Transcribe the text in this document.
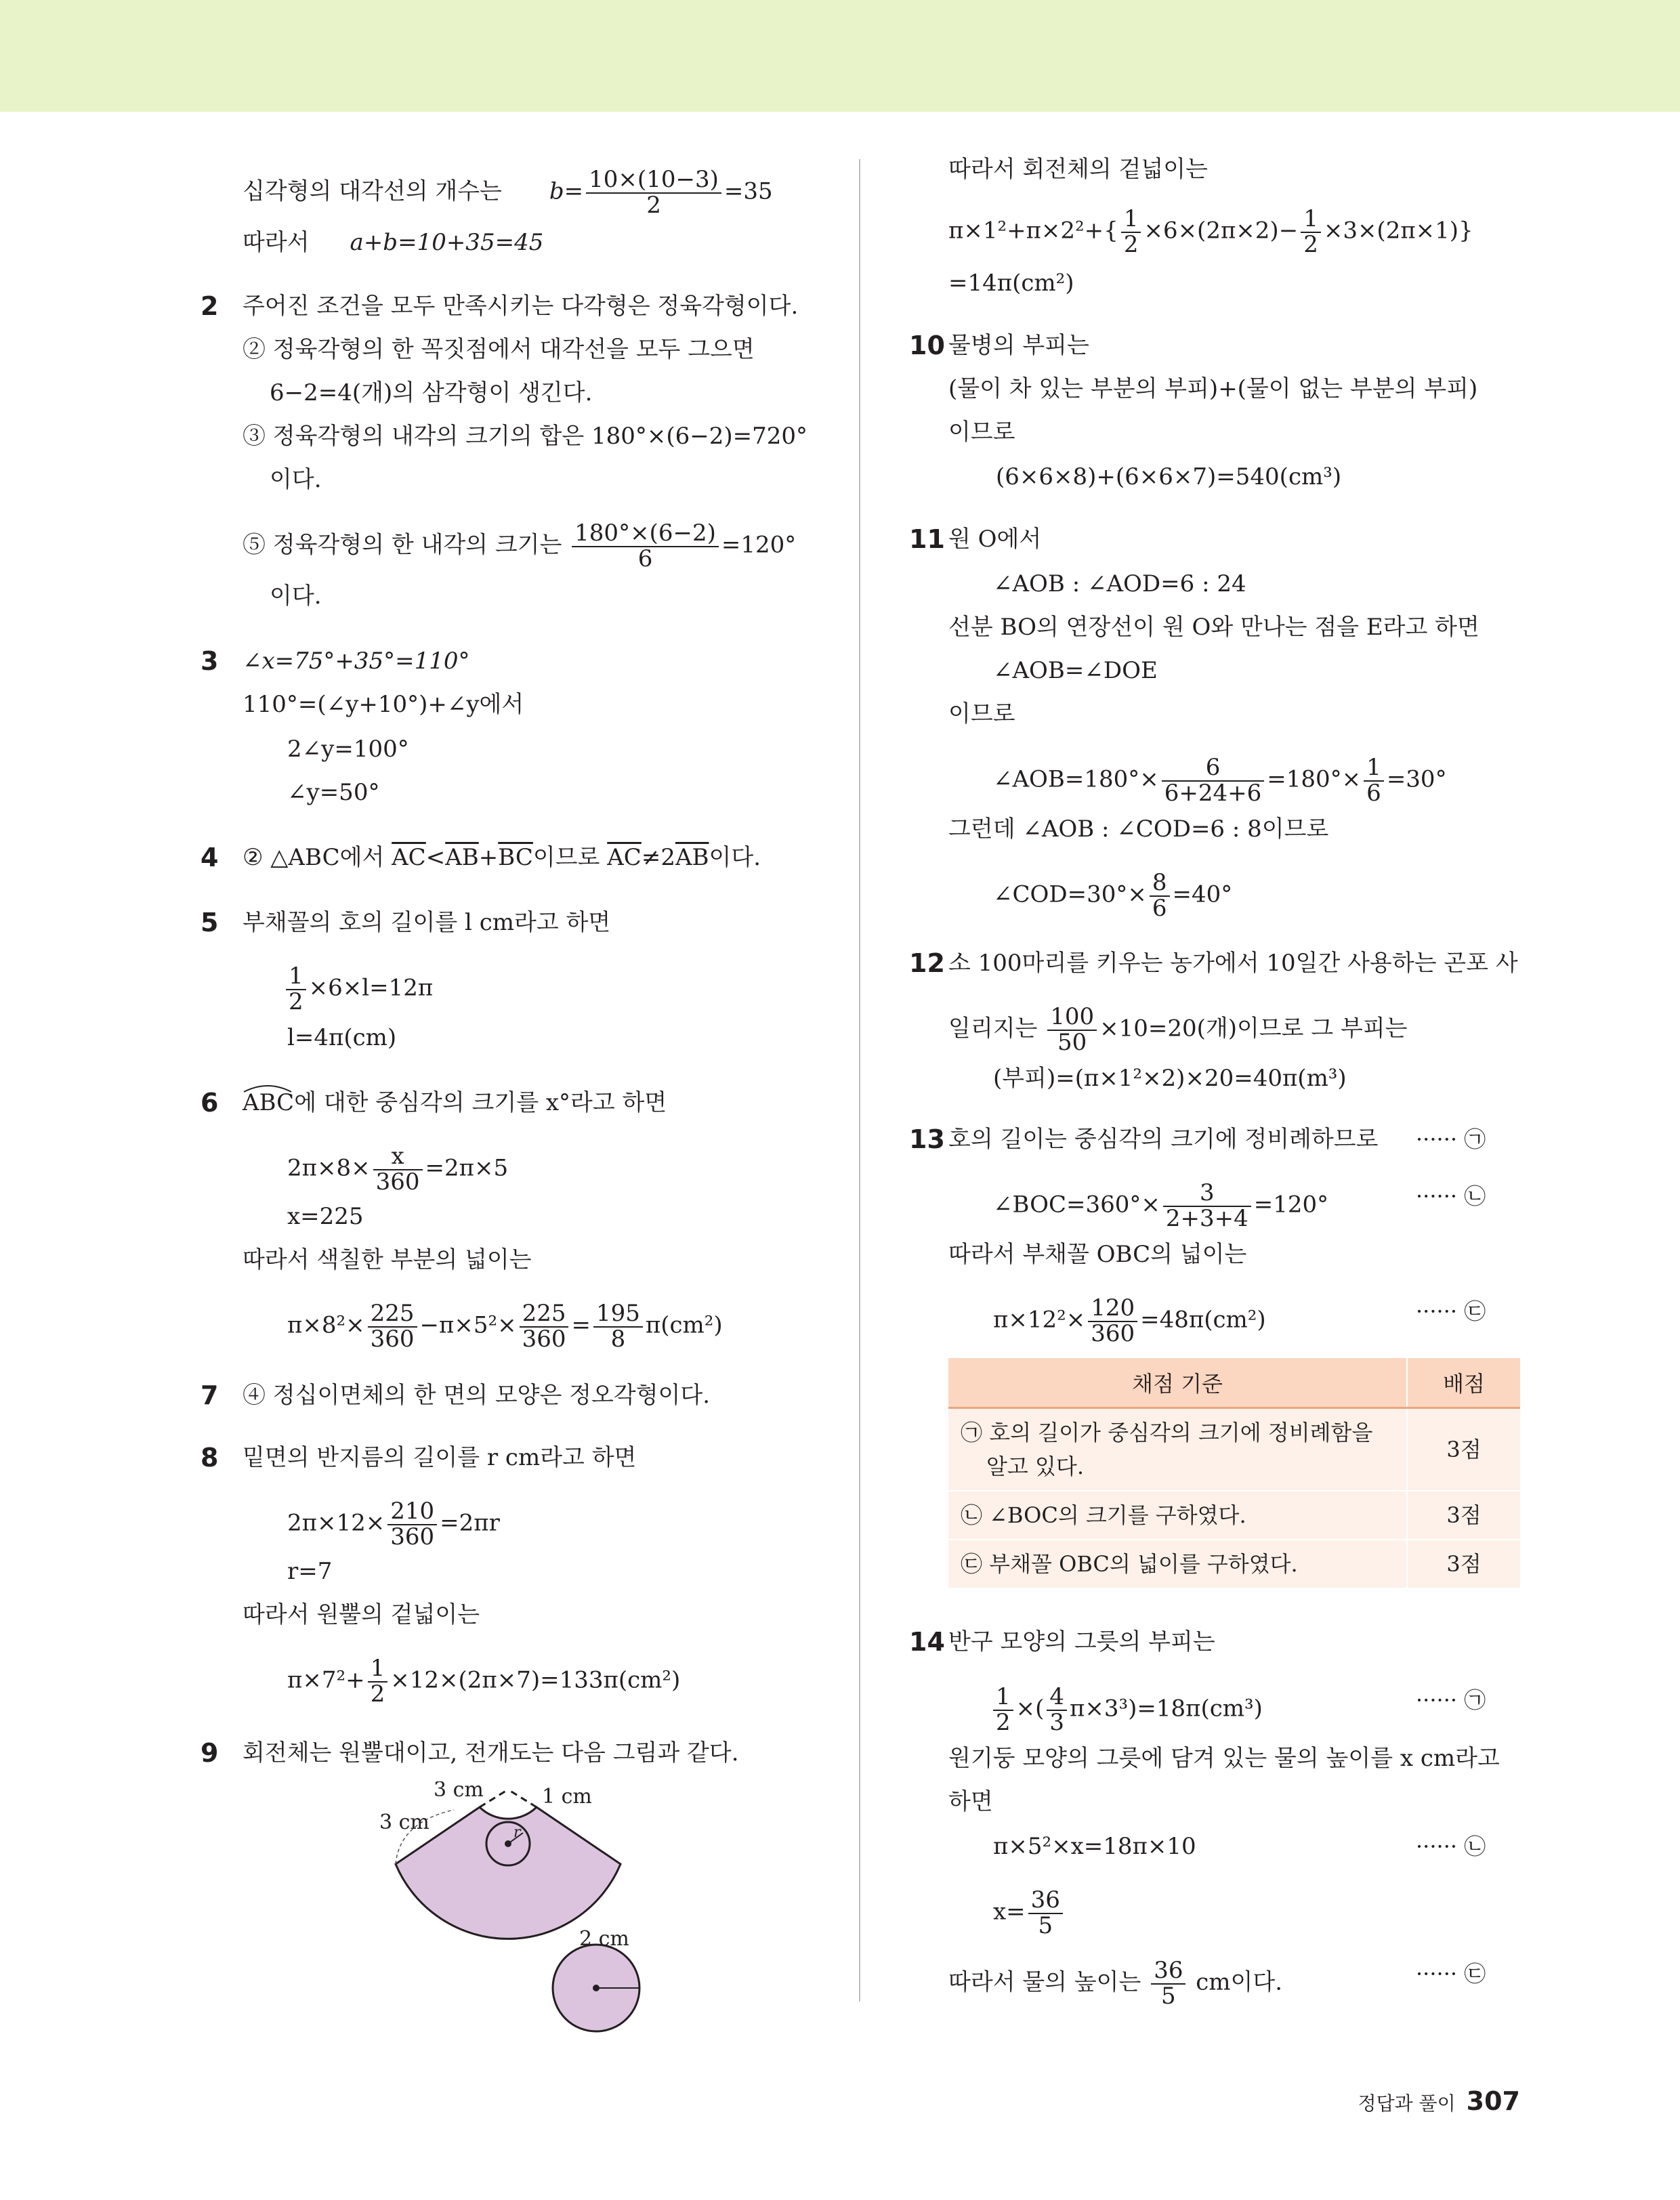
십각형의 대각선의 개수는 $b= \frac{10\times(10-3)}{2} =35$
따라서 a+b=10+35=45
2 주어진 조건을 모두 만족시키는 다각형은 정육각형이다.
② 정육각형의 한 꼭짓점에서 대각선을 모두 그으면
6−2=4(개)의 삼각형이 생긴다.
③ 정육각형의 내각의 크기의 합은 180°×(6−2)=720°
이다.
⑤ 정육각형의 한 내각의 크기는 $\frac{180^\circ\times(6-2)}{6} =120^\circ$
이다.
3 ∠x=75°+35°=110°
110°=(∠y+10°)+∠y에서
2∠y=100°
∠y=50°
4 ② △ABC에서 $\overline{AC}<\overline{AB}+\overline{BC}$이므로 $\overline{AC}\ne 2\overline{AB}$이다.
5 부채꼴의 호의 길이를 l cm라고 하면
$\frac{1}{2} \times 6\times l=12\pi$
l=4π(cm)
6 ABC에 대한 중심각의 크기를 x°라고 하면
$2\pi\times 8\times \frac{x}{360} =2\pi\times 5$
x=225
따라서 색칠한 부분의 넓이는
$\pi\times 8^2\times \frac{225}{360} -\pi\times 5^2\times \frac{225}{360} = \frac{195}{8} \pi(cm^2)$
7 ④ 정십이면체의 한 면의 모양은 정오각형이다.
8 밑면의 반지름의 길이를 r cm라고 하면
$2\pi\times 12\times \frac{210}{360} =2\pi r$
r=7
따라서 원뿔의 겉넓이는
$\pi\times 7^2+ \frac{1}{2} \times 12\times(2\pi\times 7)=133\pi(cm^2)$
9 회전체는 원뿔대이고, 전개도는 다음 그림과 같다.
3 cm
3 cm
1 cm
r
2 cm
따라서 회전체의 겉넓이는
$\pi\times 1^2+\pi\times 2^2+\{ \frac{1}{2} \times 6\times(2\pi\times 2)- \frac{1}{2} \times 3\times(2\pi\times 1)\}$
=14π(cm²)
10 물병의 부피는
(물이 차 있는 부분의 부피)+(물이 없는 부분의 부피)
이므로
(6×6×8)+(6×6×7)=540(cm³)
11 원 O에서
∠AOB : ∠AOD=6 : 24
선분 BO의 연장선이 원 O와 만나는 점을 E라고 하면
∠AOB=∠DOE
이므로
∠AOB=180°× $\frac{6}{6+24+6} =180^\circ\times \frac{1}{6} =30^\circ$
그런데 ∠AOB : ∠COD=6 : 8이므로
∠COD=30°× $\frac{8}{6} =40^\circ$
12 소 100마리를 키우는 농가에서 10일간 사용하는 곤포 사
일리지는 $\frac{100}{50} \times 10=20$(개)이므로 그 부피는
(부피)=(π×1²×2)×20=40π(m³)
13 호의 길이는 중심각의 크기에 정비례하므로 ······ ㉠
∠BOC=360°× $\frac{3}{2+3+4} =120^\circ$	······ ㉡
따라서 부채꼴 OBC의 넓이는
$\pi\times 12^2\times \frac{120}{360} =48\pi(cm^2)$	······ ㉢
채점 기준	배점
㉠ 호의 길이가 중심각의 크기에 정비례함을
알고 있다.	3점
㉡ ∠BOC의 크기를 구하였다.	3점
㉢ 부채꼴 OBC의 넓이를 구하였다.	3점
14 반구 모양의 그릇의 부피는
$\frac{1}{2}$ ×( $\frac{4}{3} \pi\times 3^3)=18\pi(cm^3)$	······ ㉠
원기둥 모양의 그릇에 담겨 있는 물의 높이를 x cm라고
하면
π×5²×x=18π×10	······ ㉡
$x= \frac{36}{5}$
따라서 물의 높이는 $\frac{36}{5}$ cm이다.	······ ㉢
정답과 풀이 307
